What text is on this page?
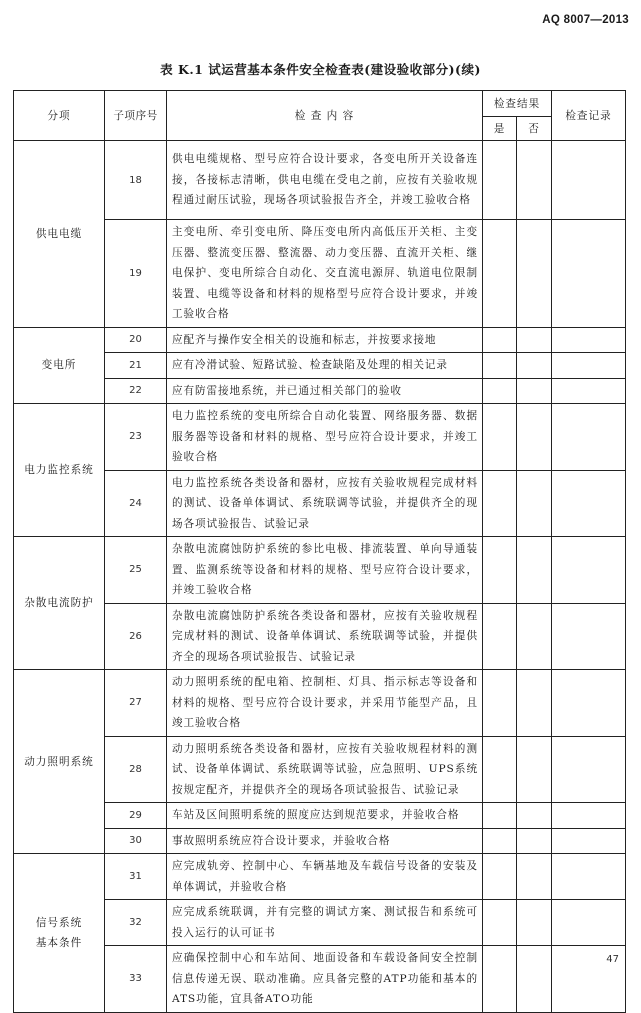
AQ 8007—2013
表 K.1 试运营基本条件安全检查表(建设验收部分)(续)
分项	子项序号	检 查 内 容	检查结果		检查记录
			是	否	
供电电缆	18	供电电缆规格、型号应符合设计要求，各变电所开关设备连接，各接标志清晰，供电电缆在受电之前，应按有关验收规程通过耐压试验，现场各项试验报告齐全，并竣工验收合格			
	19	主变电所、牵引变电所、降压变电所内高低压开关柜、主变压器、整流变压器、整流器、动力变压器、直流开关柜、继电保护、变电所综合自动化、交直流电源屏、轨道电位限制装置、电缆等设备和材料的规格型号应符合设计要求，并竣工验收合格			
变电所	20	应配齐与操作安全相关的设施和标志，并按要求接地			
	21	应有冷滑试验、短路试验、检查缺陷及处理的相关记录			
	22	应有防雷接地系统，并已通过相关部门的验收			
电力监控系统	23	电力监控系统的变电所综合自动化装置、网络服务器、数据服务器等设备和材料的规格、型号应符合设计要求，并竣工验收合格			
	24	电力监控系统各类设备和器材，应按有关验收规程完成材料的测试、设备单体调试、系统联调等试验，并提供齐全的现场各项试验报告、试验记录			
杂散电流防护	25	杂散电流腐蚀防护系统的参比电极、排流装置、单向导通装置、监测系统等设备和材料的规格、型号应符合设计要求，并竣工验收合格			
	26	杂散电流腐蚀防护系统各类设备和器材，应按有关验收规程完成材料的测试、设备单体调试、系统联调等试验，并提供齐全的现场各项试验报告、试验记录			
动力照明系统	27	动力照明系统的配电箱、控制柜、灯具、指示标志等设备和材料的规格、型号应符合设计要求，并采用节能型产品，且竣工验收合格			
	28	动力照明系统各类设备和器材，应按有关验收规程材料的测试、设备单体调试、系统联调等试验，应急照明、UPS系统按规定配齐，并提供齐全的现场各项试验报告、试验记录			
	29	车站及区间照明系统的照度应达到规范要求，并验收合格			
	30	事故照明系统应符合设计要求，并验收合格			
信号系统
基本条件	31	应完成轨旁、控制中心、车辆基地及车载信号设备的安装及单体调试，并验收合格			
	32	应完成系统联调，并有完整的调试方案、测试报告和系统可投入运行的认可证书			
	33	应确保控制中心和车站间、地面设备和车载设备间安全控制信息传递无误、联动准确。应具备完整的ATP功能和基本的ATS功能，宜具备ATO功能			
47
